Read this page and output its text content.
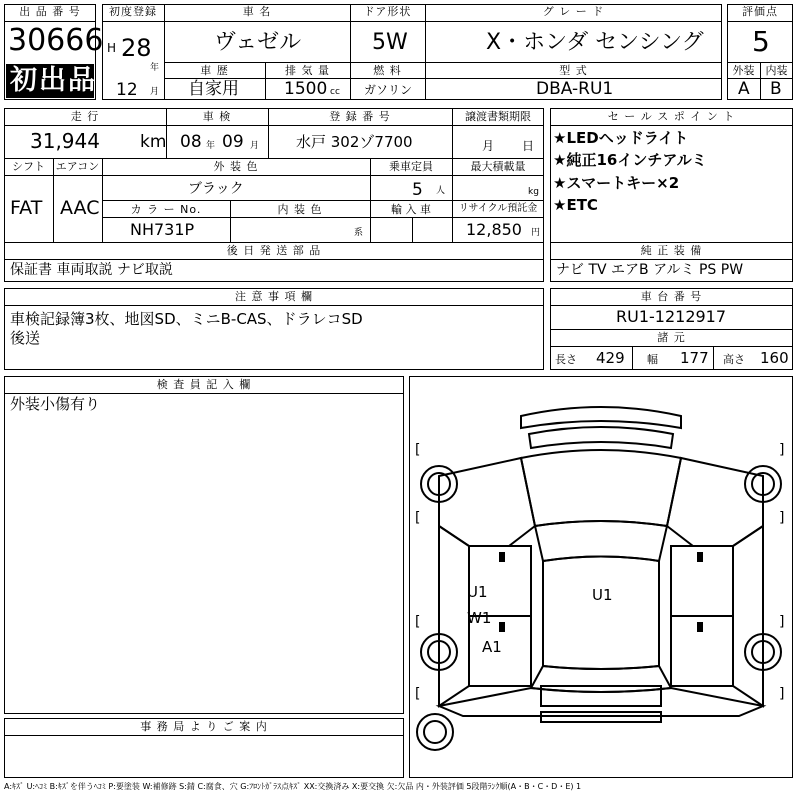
出 品 番 号
30666
初出品
初度登録
H 28
年
12 月
車 名
ヴェゼル
ドア形状
5W
グ レ ー ド
X・ホンダ センシング
評価点
5
車 歴
自家用
排 気 量
1500 cc
燃 料
ガソリン
型 式
DBA-RU1
外装	内装
A B
走 行
31,944 km
車 検
08 年 09 月
登 録 番 号
水戸 302ゾ7700
譲渡書類期限
月 日
シフト
FAT
エアコン
AAC
外 装 色
ブラック
乗車定員
5 人
最大積載量
kg
カ ラ ー No.
NH731P
内 装 色
系
輸 入 車	リサイクル預託金
12,850 円
後 日 発 送 部 品
保証書 車両取説 ナビ取説
セ ー ル ス ポ イ ン ト
★LEDヘッドライト
★純正16インチアルミ
★スマートキー×2
★ETC
純 正 装 備
ナビ TV エアB アルミ PS PW
注 意 事 項 欄
車検記録簿3枚、地図SD、ミニB-CAS、ドラレコSD
後送
車 台 番 号
RU1-1212917
諸 元
長さ 429 幅 177 高さ 160
検 査 員 記 入 欄
外装小傷有り
事 務 局 よ り ご 案 内
[	]
[	]
[	]
[	]
U1
W1
A1
U1
A:ｷｽﾞ U:ﾍｺﾐ B:ｷｽﾞを伴うﾍｺﾐ P:要塗装 W:補修跡 S:錆 C:腐食、穴 G:ﾌﾛﾝﾄｶﾞﾗｽ点ｷｽﾞ XX:交換済み X:要交換 欠:欠品 内・外装評価 5段階ﾗﾝｸ順(A・B・C・D・E) 1
